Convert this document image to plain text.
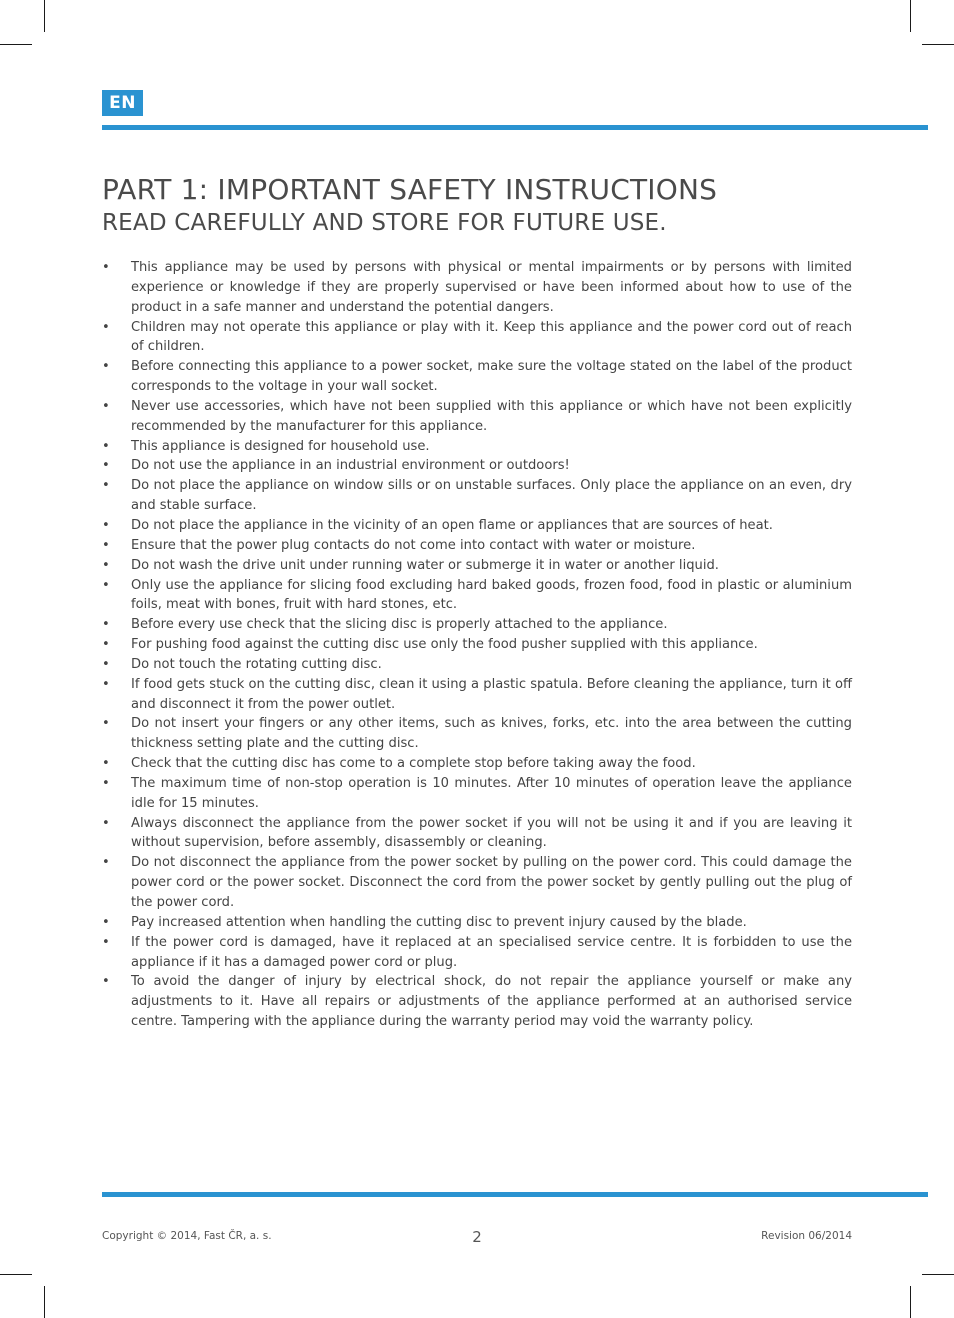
EN
PART 1: IMPORTANT SAFETY INSTRUCTIONS
READ CAREFULLY AND STORE FOR FUTURE USE.
• This appliance may be used by persons with physical or mental impairments or by persons with limited experience or knowledge if they are properly supervised or have been informed about how to use of the product in a safe manner and understand the potential dangers.
• Children may not operate this appliance or play with it. Keep this appliance and the power cord out of reach of children.
• Before connecting this appliance to a power socket, make sure the voltage stated on the label of the product corresponds to the voltage in your wall socket.
• Never use accessories, which have not been supplied with this appliance or which have not been explicitly recommended by the manufacturer for this appliance.
• This appliance is designed for household use.
• Do not use the appliance in an industrial environment or outdoors!
• Do not place the appliance on window sills or on unstable surfaces. Only place the appliance on an even, dry and stable surface.
• Do not place the appliance in the vicinity of an open flame or appliances that are sources of heat.
• Ensure that the power plug contacts do not come into contact with water or moisture.
• Do not wash the drive unit under running water or submerge it in water or another liquid.
• Only use the appliance for slicing food excluding hard baked goods, frozen food, food in plastic or aluminium foils, meat with bones, fruit with hard stones, etc.
• Before every use check that the slicing disc is properly attached to the appliance.
• For pushing food against the cutting disc use only the food pusher supplied with this appliance.
• Do not touch the rotating cutting disc.
• If food gets stuck on the cutting disc, clean it using a plastic spatula. Before cleaning the appliance, turn it off and disconnect it from the power outlet.
• Do not insert your fingers or any other items, such as knives, forks, etc. into the area between the cutting thickness setting plate and the cutting disc.
• Check that the cutting disc has come to a complete stop before taking away the food.
• The maximum time of non-stop operation is 10 minutes. After 10 minutes of operation leave the appliance idle for 15 minutes.
• Always disconnect the appliance from the power socket if you will not be using it and if you are leaving it without supervision, before assembly, disassembly or cleaning.
• Do not disconnect the appliance from the power socket by pulling on the power cord. This could damage the power cord or the power socket. Disconnect the cord from the power socket by gently pulling out the plug of the power cord.
• Pay increased attention when handling the cutting disc to prevent injury caused by the blade.
• If the power cord is damaged, have it replaced at an specialised service centre. It is forbidden to use the appliance if it has a damaged power cord or plug.
• To avoid the danger of injury by electrical shock, do not repair the appliance yourself or make any adjustments to it. Have all repairs or adjustments of the appliance performed at an authorised service centre. Tampering with the appliance during the warranty period may void the warranty policy.
Copyright © 2014, Fast ČR, a. s.	2	Revision 06/2014
